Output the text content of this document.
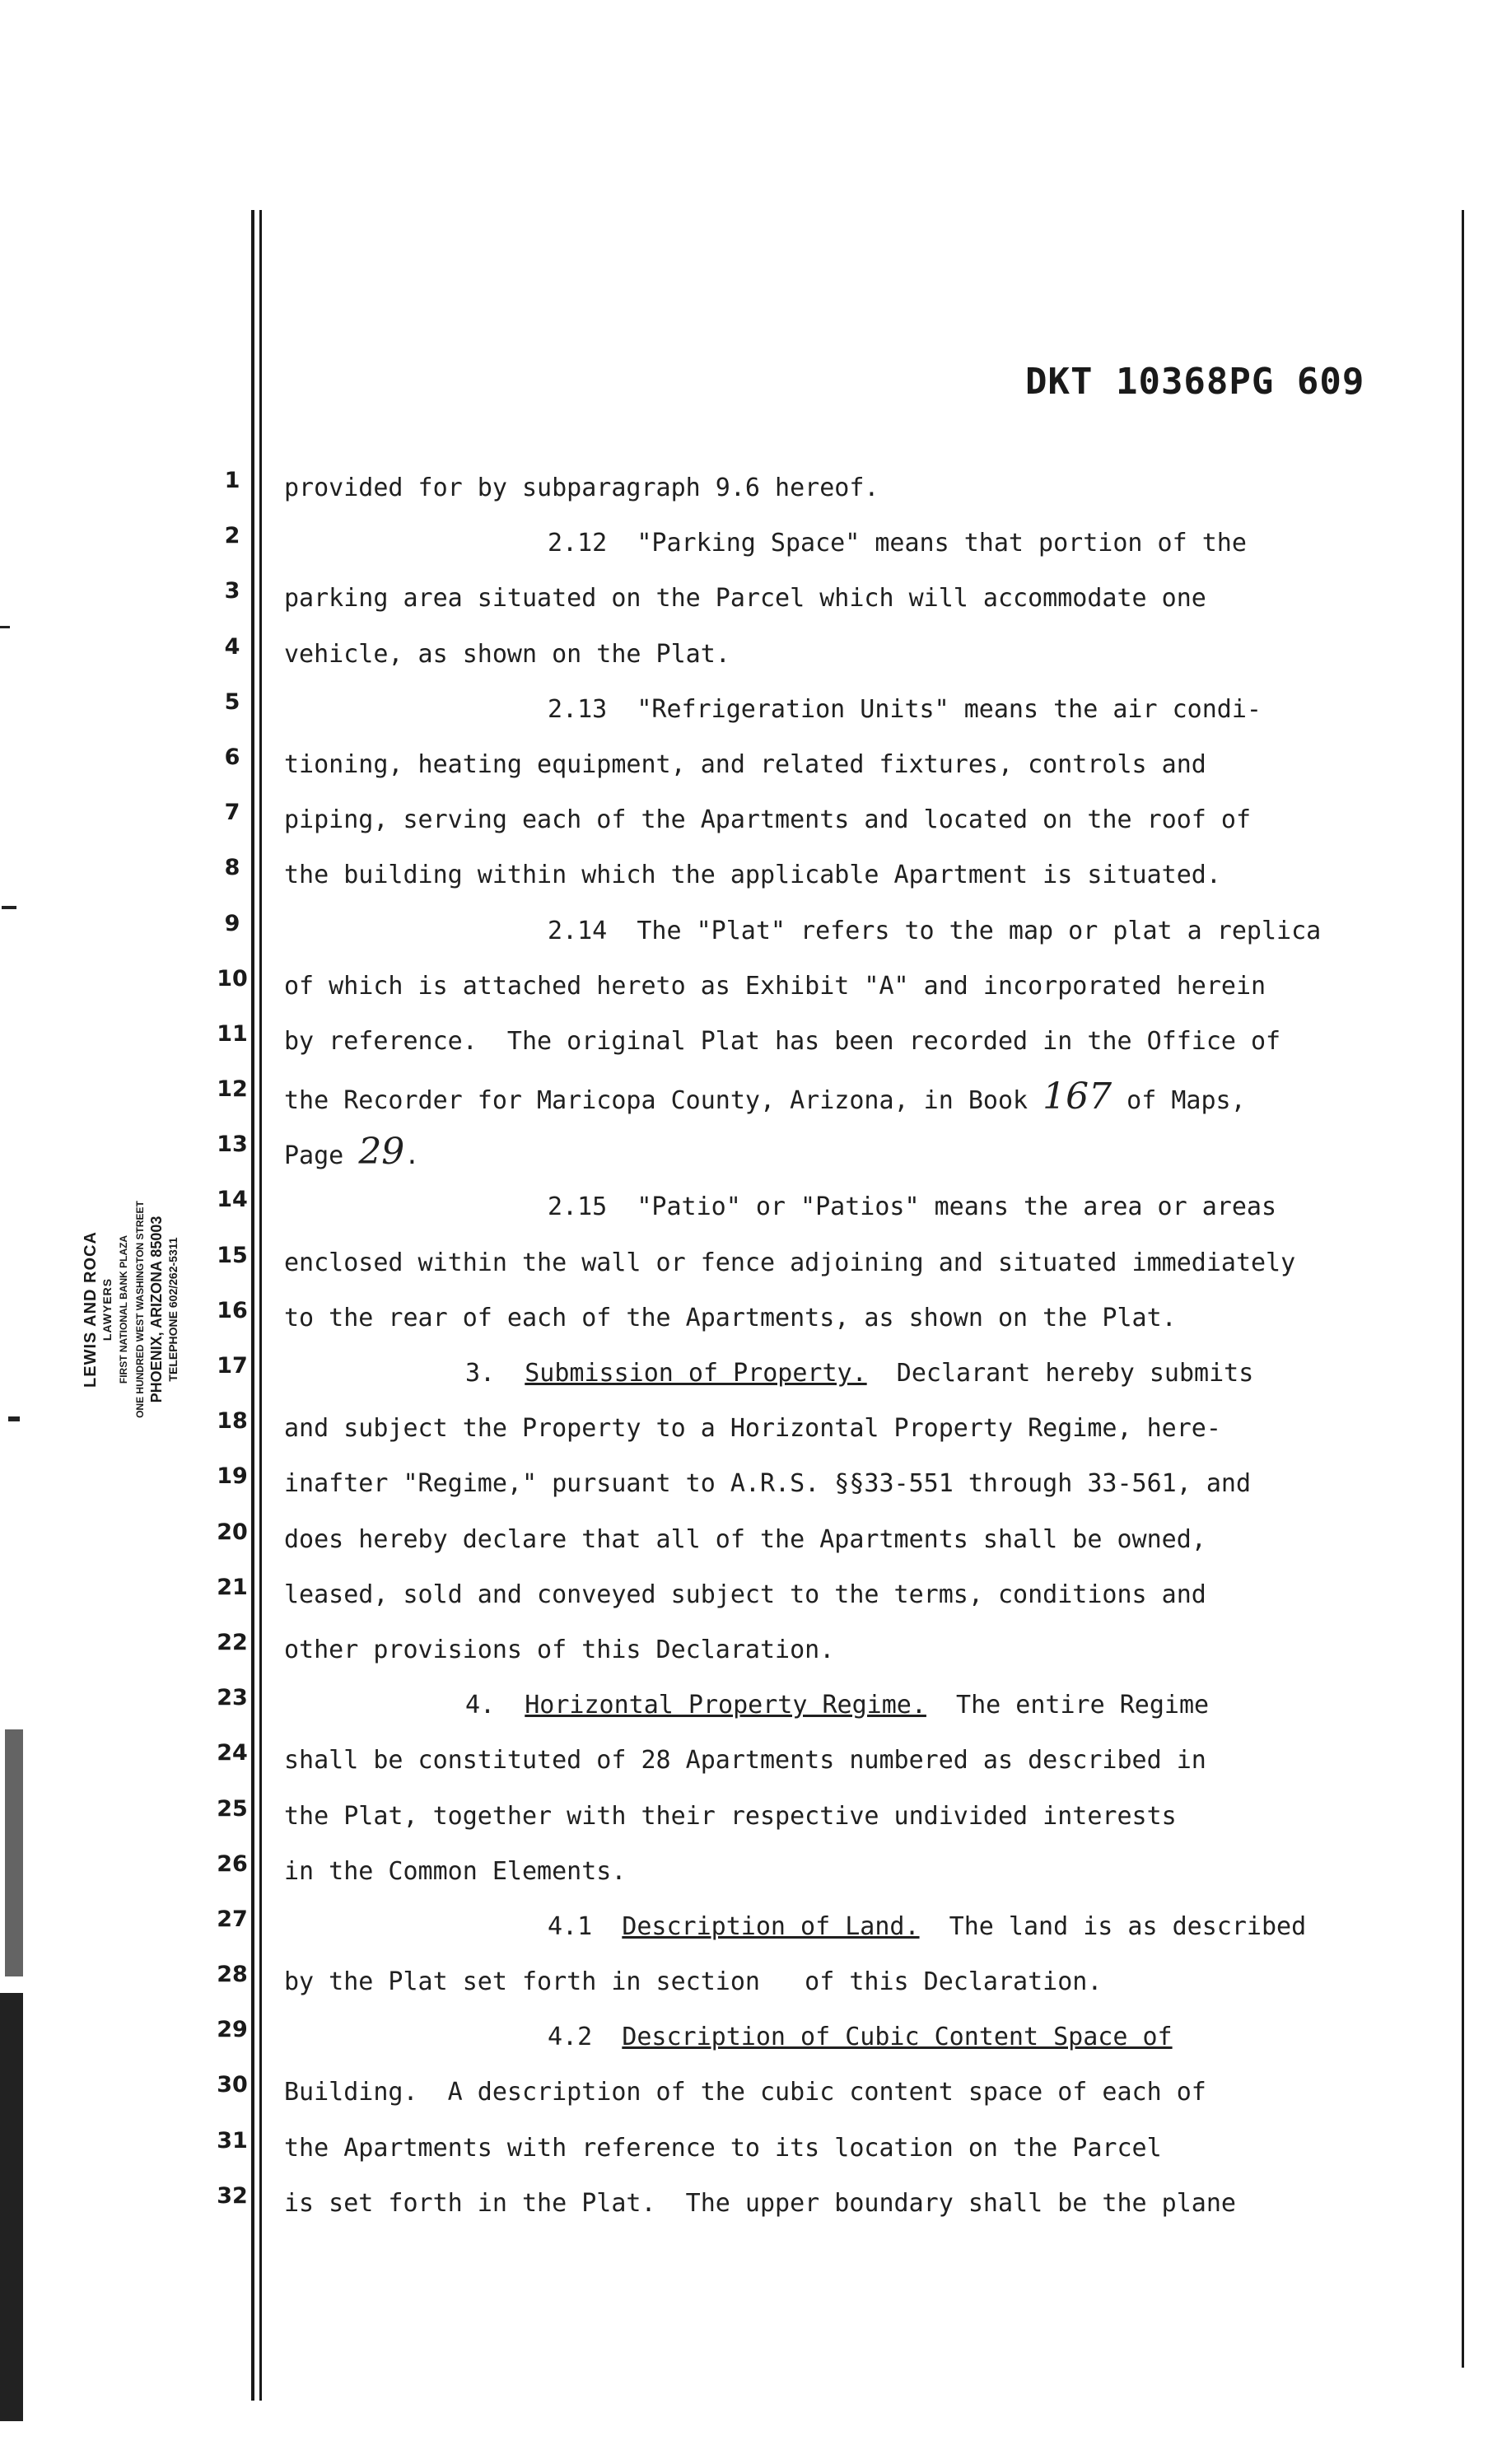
DKT 10368PG 609
LEWIS AND ROCA LAWYERS FIRST NATIONAL BANK PLAZA ONE HUNDRED WEST WASHINGTON STREET PHOENIX, ARIZONA 85003 TELEPHONE 602/262-5311
1
2
3
4
5
6
7
8
9
10
11
12
13
14
15
16
17
18
19
20
21
22
23
24
25
26
27
28
29
30
31
32
provided for by subparagraph 9.6 hereof.
2.12  "Parking Space" means that portion of the
parking area situated on the Parcel which will accommodate one
vehicle, as shown on the Plat.
2.13  "Refrigeration Units" means the air condi-
tioning, heating equipment, and related fixtures, controls and
piping, serving each of the Apartments and located on the roof of
the building within which the applicable Apartment is situated.
2.14  The "Plat" refers to the map or plat a replica
of which is attached hereto as Exhibit "A" and incorporated herein
by reference.  The original Plat has been recorded in the Office of
the Recorder for Maricopa County, Arizona, in Book 167 of Maps,
Page 29.
2.15  "Patio" or "Patios" means the area or areas
enclosed within the wall or fence adjoining and situated immediately
to the rear of each of the Apartments, as shown on the Plat.
3.  Submission of Property.  Declarant hereby submits
and subject the Property to a Horizontal Property Regime, here-
inafter "Regime," pursuant to A.R.S. §§33-551 through 33-561, and
does hereby declare that all of the Apartments shall be owned,
leased, sold and conveyed subject to the terms, conditions and
other provisions of this Declaration.
4.  Horizontal Property Regime.  The entire Regime
shall be constituted of 28 Apartments numbered as described in
the Plat, together with their respective undivided interests
in the Common Elements.
4.1  Description of Land.  The land is as described
by the Plat set forth in section   of this Declaration.
4.2  Description of Cubic Content Space of
Building.  A description of the cubic content space of each of
the Apartments with reference to its location on the Parcel
is set forth in the Plat.  The upper boundary shall be the plane
